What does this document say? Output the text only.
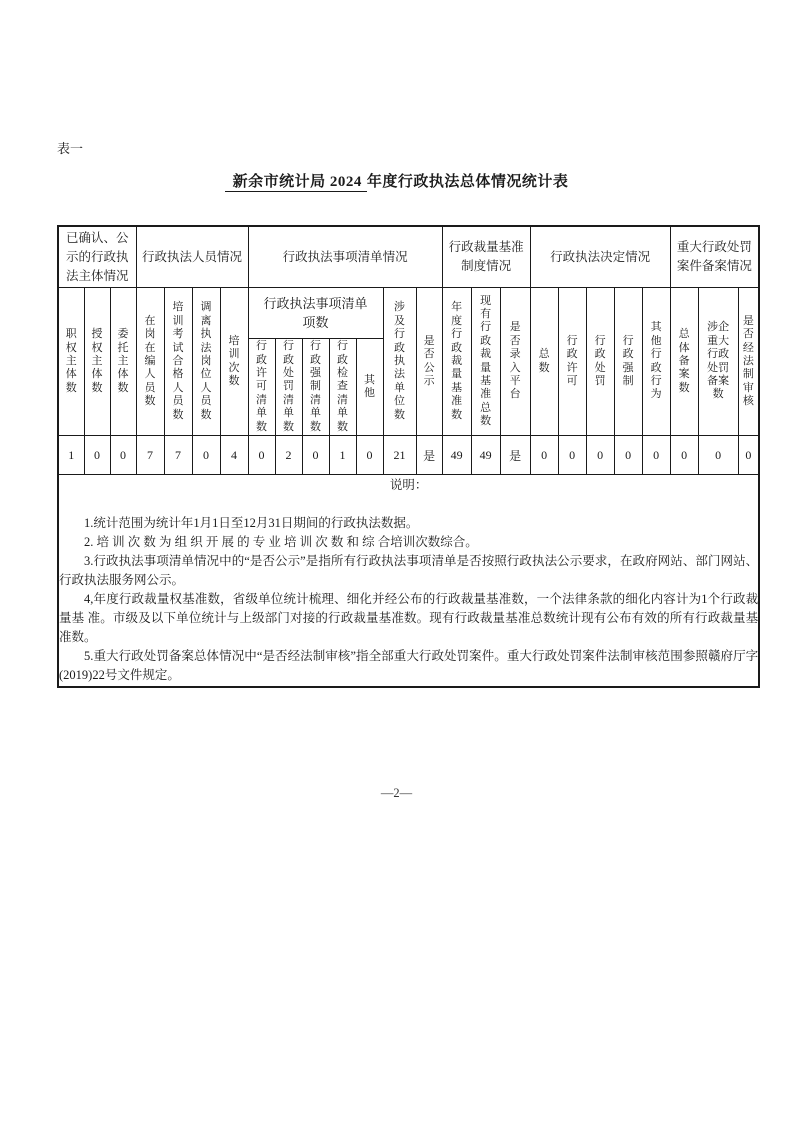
表一
新余市统计局 2024 年度行政执法总体情况统计表
已确认、公示的行政执法主体情况			行政执法人员情况				行政执法事项清单情况							行政裁量基准制度情况			行政执法决定情况					重大行政处罚案件备案情况		

职权主体数	授权主体数	委托主体数	在岗在编人员数	培训考试合格人员数	调离执法岗位人员数	培训次数	行政执法事项清单项数					涉及行政执法单位数	是否公示	年度行政裁量基准数	现有行政裁量基准总数	是否录入平台	总数	行政许可	行政处罚	行政强制	其他行政行为	总体备案数	涉企重大行政处罚备案数	是否经法制审核

							行政许可清单数	行政处罚清单数	行政强制清单数	行政检查清单数	其他													

1	0	0	7	7	0	4	0	2	0	1	0	21	是	49	49	是	0	0	0	0	0	0	0	0

说明：

1.统计范围为统计年1月1日至12月31日期间的行政执法数据。

2. 培 训 次 数 为 组 织 开 展 的 专 业 培 训 次 数 和 综 合培训次数综合。

3.行政执法事项清单情况中的“是否公示”是指所有行政执法事项清单是否按照行政执法公示要求，在政府网站、部门网站、行政执法服务网公示。

4,年度行政裁量权基准数，省级单位统计梳理、细化并经公布的行政裁量基准数，一个法律条款的细化内容计为1个行政裁量基 准。市级及以下单位统计与上级部门对接的行政裁量基准数。现有行政裁量基准总数统计现有公布有效的所有行政裁量基准数。

5.重大行政处罚备案总体情况中“是否经法制审核”指全部重大行政处罚案件。重大行政处罚案件法制审核范围参照赣府厅字(2019)22号文件规定。

—2—
